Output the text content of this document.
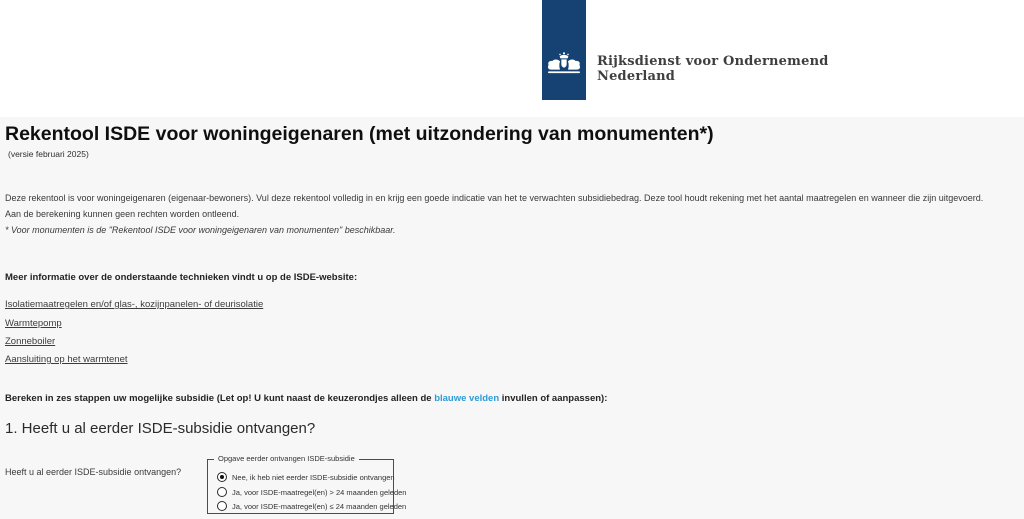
Rijksdienst voor Ondernemend
Nederland
Rekentool ISDE voor woningeigenaren (met uitzondering van monumenten*)
(versie februari 2025)
Deze rekentool is voor woningeigenaren (eigenaar-bewoners). Vul deze rekentool volledig in en krijg een goede indicatie van het te verwachten subsidiebedrag. Deze tool houdt rekening met het aantal maatregelen en wanneer die zijn uitgevoerd.
Aan de berekening kunnen geen rechten worden ontleend.
* Voor monumenten is de "Rekentool ISDE voor woningeigenaren van monumenten" beschikbaar.
Meer informatie over de onderstaande technieken vindt u op de ISDE-website:
Isolatiemaatregelen en/of glas-, kozijnpanelen- of deurisolatie
Warmtepomp
Zonneboiler
Aansluiting op het warmtenet
Bereken in zes stappen uw mogelijke subsidie (Let op! U kunt naast de keuzerondjes alleen de blauwe velden invullen of aanpassen):
1. Heeft u al eerder ISDE-subsidie ontvangen?
Heeft u al eerder ISDE-subsidie ontvangen?
Opgave eerder ontvangen ISDE-subsidie
Nee, ik heb niet eerder ISDE-subsidie ontvangen
Ja, voor ISDE-maatregel(en) > 24 maanden geleden
Ja, voor ISDE-maatregel(en) ≤ 24 maanden geleden
